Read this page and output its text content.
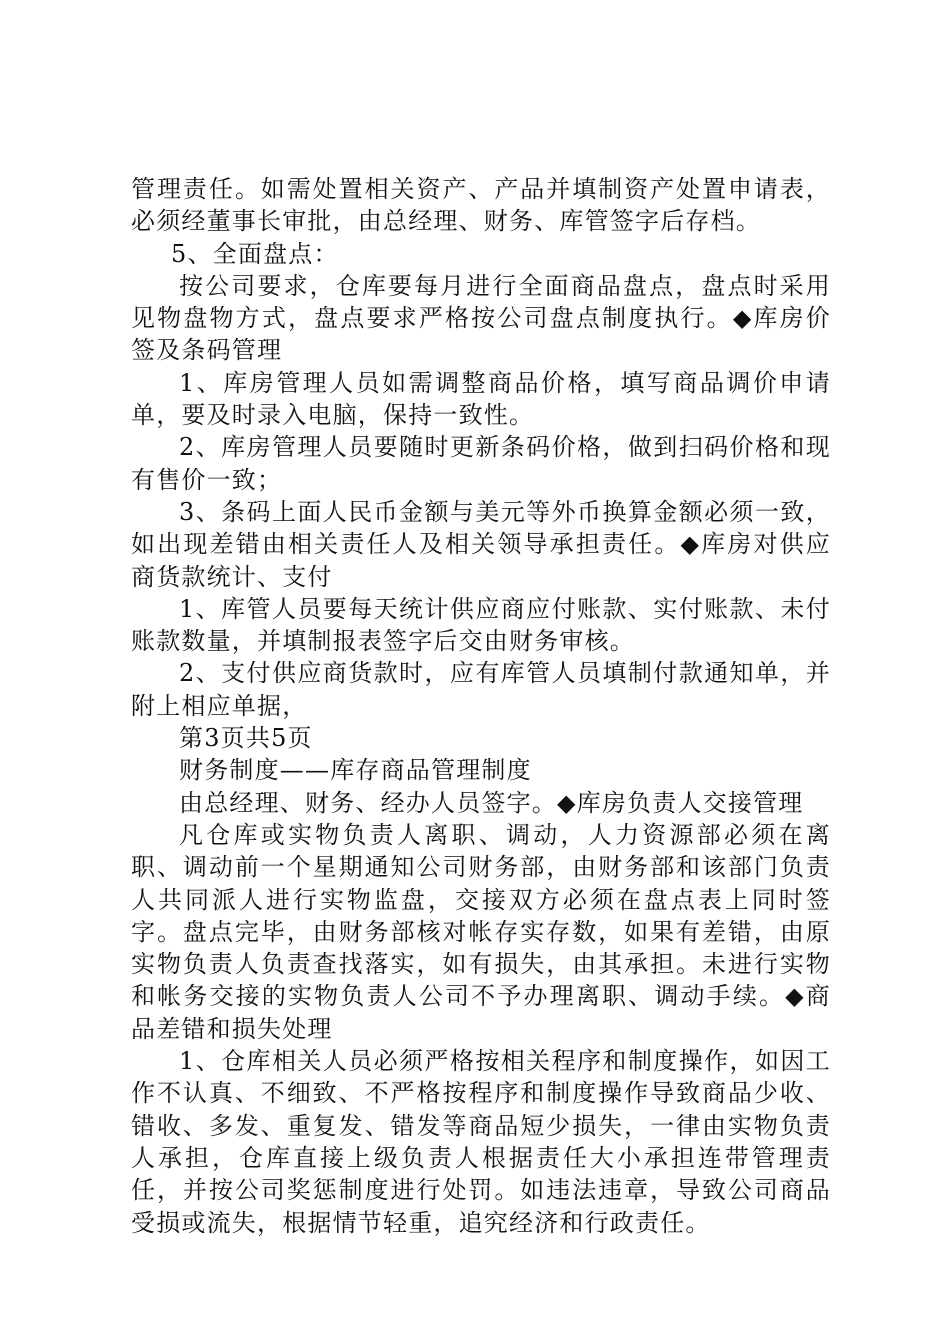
管理责任。如需处置相关资产、产品并填制资产处置申请表，必须经董事长审批，由总经理、财务、库管签字后存档。

5、全面盘点：

按公司要求，仓库要每月进行全面商品盘点，盘点时采用见物盘物方式，盘点要求严格按公司盘点制度执行。◆库房价签及条码管理

1、库房管理人员如需调整商品价格，填写商品调价申请单，要及时录入电脑，保持一致性。

2、库房管理人员要随时更新条码价格，做到扫码价格和现有售价一致；

3、条码上面人民币金额与美元等外币换算金额必须一致，如出现差错由相关责任人及相关领导承担责任。◆库房对供应商货款统计、支付

1、库管人员要每天统计供应商应付账款、实付账款、未付账款数量，并填制报表签字后交由财务审核。

2、支付供应商货款时，应有库管人员填制付款通知单，并附上相应单据，

第3页共5页

财务制度——库存商品管理制度

由总经理、财务、经办人员签字。◆库房负责人交接管理

凡仓库或实物负责人离职、调动，人力资源部必须在离职、调动前一个星期通知公司财务部，由财务部和该部门负责人共同派人进行实物监盘，交接双方必须在盘点表上同时签字。盘点完毕，由财务部核对帐存实存数，如果有差错，由原实物负责人负责查找落实，如有损失，由其承担。未进行实物和帐务交接的实物负责人公司不予办理离职、调动手续。◆商品差错和损失处理

1、仓库相关人员必须严格按相关程序和制度操作，如因工作不认真、不细致、不严格按程序和制度操作导致商品少收、错收、多发、重复发、错发等商品短少损失，一律由实物负责人承担，仓库直接上级负责人根据责任大小承担连带管理责任，并按公司奖惩制度进行处罚。如违法违章，导致公司商品受损或流失，根据情节轻重，追究经济和行政责任。
